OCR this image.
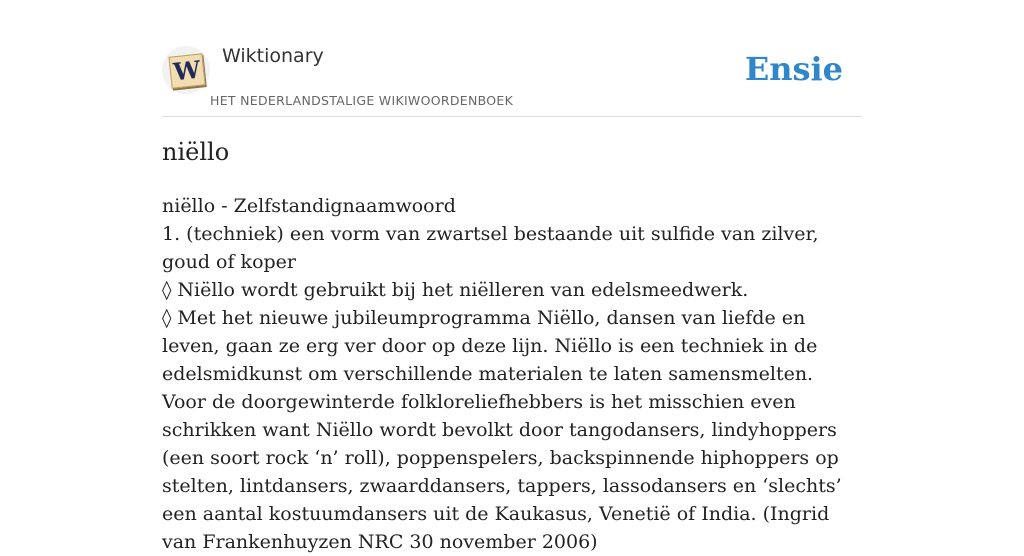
W Wiktionary
HET NEDERLANDSTALIGE WIKIWOORDENBOEK
Ensie
niëllo

niëllo - Zelfstandignaamwoord

1. (techniek) een vorm van zwartsel bestaande uit sulfide van zilver, goud of koper

◊ Niëllo wordt gebruikt bij het niëlleren van edelsmeedwerk.

◊ Met het nieuwe jubileumprogramma Niëllo, dansen van liefde en leven, gaan ze erg ver door op deze lijn. Niëllo is een techniek in de edelsmidkunst om verschillende materialen te laten samensmelten. Voor de doorgewinterde folkloreliefhebbers is het misschien even schrikken want Niëllo wordt bevolkt door tangodansers, lindyhoppers (een soort rock ‘n’ roll), poppenspelers, backspinnende hiphoppers op stelten, lintdansers, zwaarddansers, tappers, lassodansers en ‘slechts’ een aantal kostuumdansers uit de Kaukasus, Venetië of India. (Ingrid van Frankenhuyzen NRC 30 november 2006)
